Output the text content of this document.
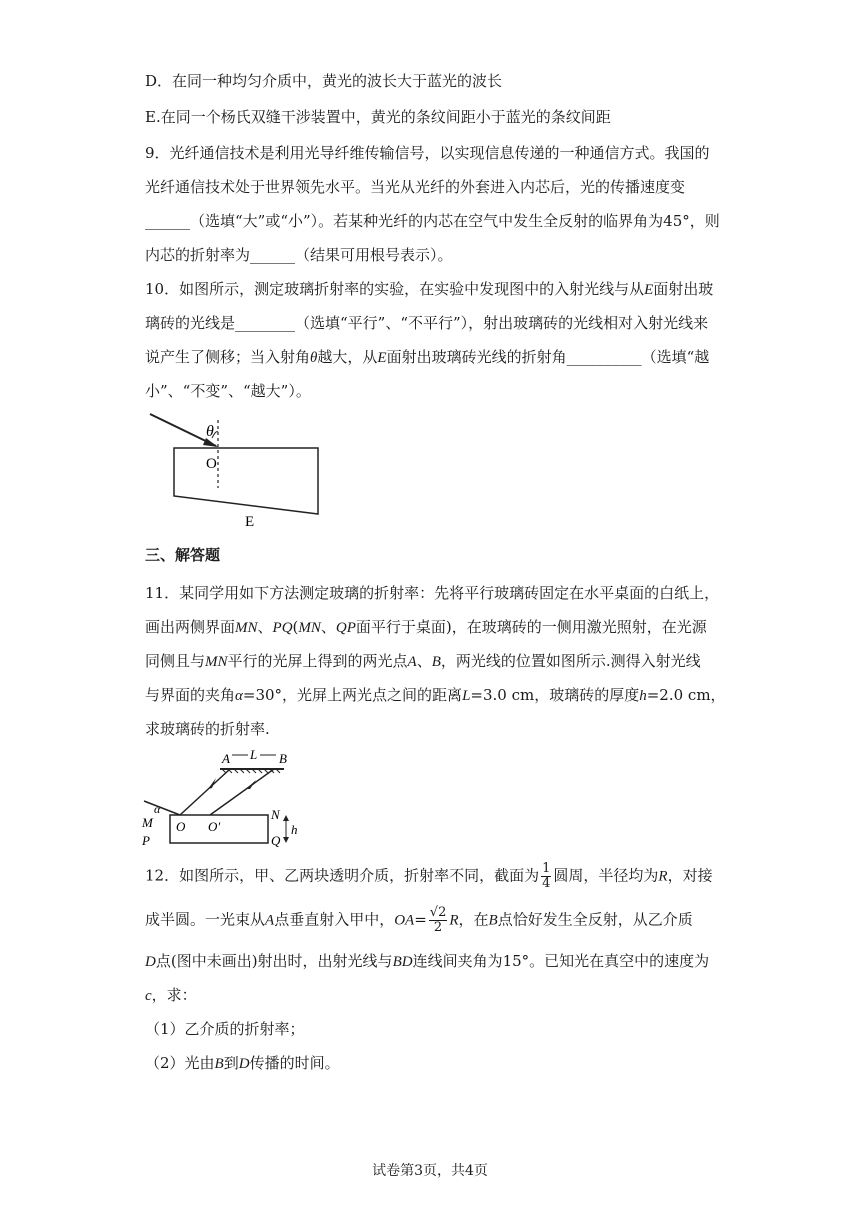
D．在同一种均匀介质中，黄光的波长大于蓝光的波长
E.在同一个杨氏双缝干涉装置中，黄光的条纹间距小于蓝光的条纹间距
9．光纤通信技术是利用光导纤维传输信号，以实现信息传递的一种通信方式。我国的
光纤通信技术处于世界领先水平。当光从光纤的外套进入内芯后，光的传播速度变
______（选填“大”或“小”）。若某种光纤的内芯在空气中发生全反射的临界角为45°，则
内芯的折射率为______（结果可用根号表示）。
10．如图所示，测定玻璃折射率的实验，在实验中发现图中的入射光线与从E面射出玻
璃砖的光线是________（选填“平行”、“不平行”），射出玻璃砖的光线相对入射光线来
说产生了侧移；当入射角θ越大，从E面射出玻璃砖光线的折射角__________（选填“越
小”、“不变”、“越大”）。
θ
O
E
三、解答题
11．某同学用如下方法测定玻璃的折射率：先将平行玻璃砖固定在水平桌面的白纸上，
画出两侧界面MN、PQ(MN、QP面平行于桌面)，在玻璃砖的一侧用激光照射，在光源
同侧且与MN平行的光屏上得到的两光点A、B，两光线的位置如图所示.测得入射光线
与界面的夹角α=30°，光屏上两光点之间的距离L=3.0 cm，玻璃砖的厚度h=2.0 cm，
求玻璃砖的折射率.
A L B
α
M
P
O O′
N
Q
h
12．如图所示，甲、乙两块透明介质，折射率不同，截面为 $\frac{1}{4}$ 圆周，半径均为R，对接
成半圆。一光束从A点垂直射入甲中，$OA= \frac{√2}{2}$ R，在B点恰好发生全反射，从乙介质
D点(图中未画出)射出时，出射光线与BD连线间夹角为15°。已知光在真空中的速度为
c，求：
（1）乙介质的折射率；
（2）光由B到D传播的时间。
试卷第3页，共4页
